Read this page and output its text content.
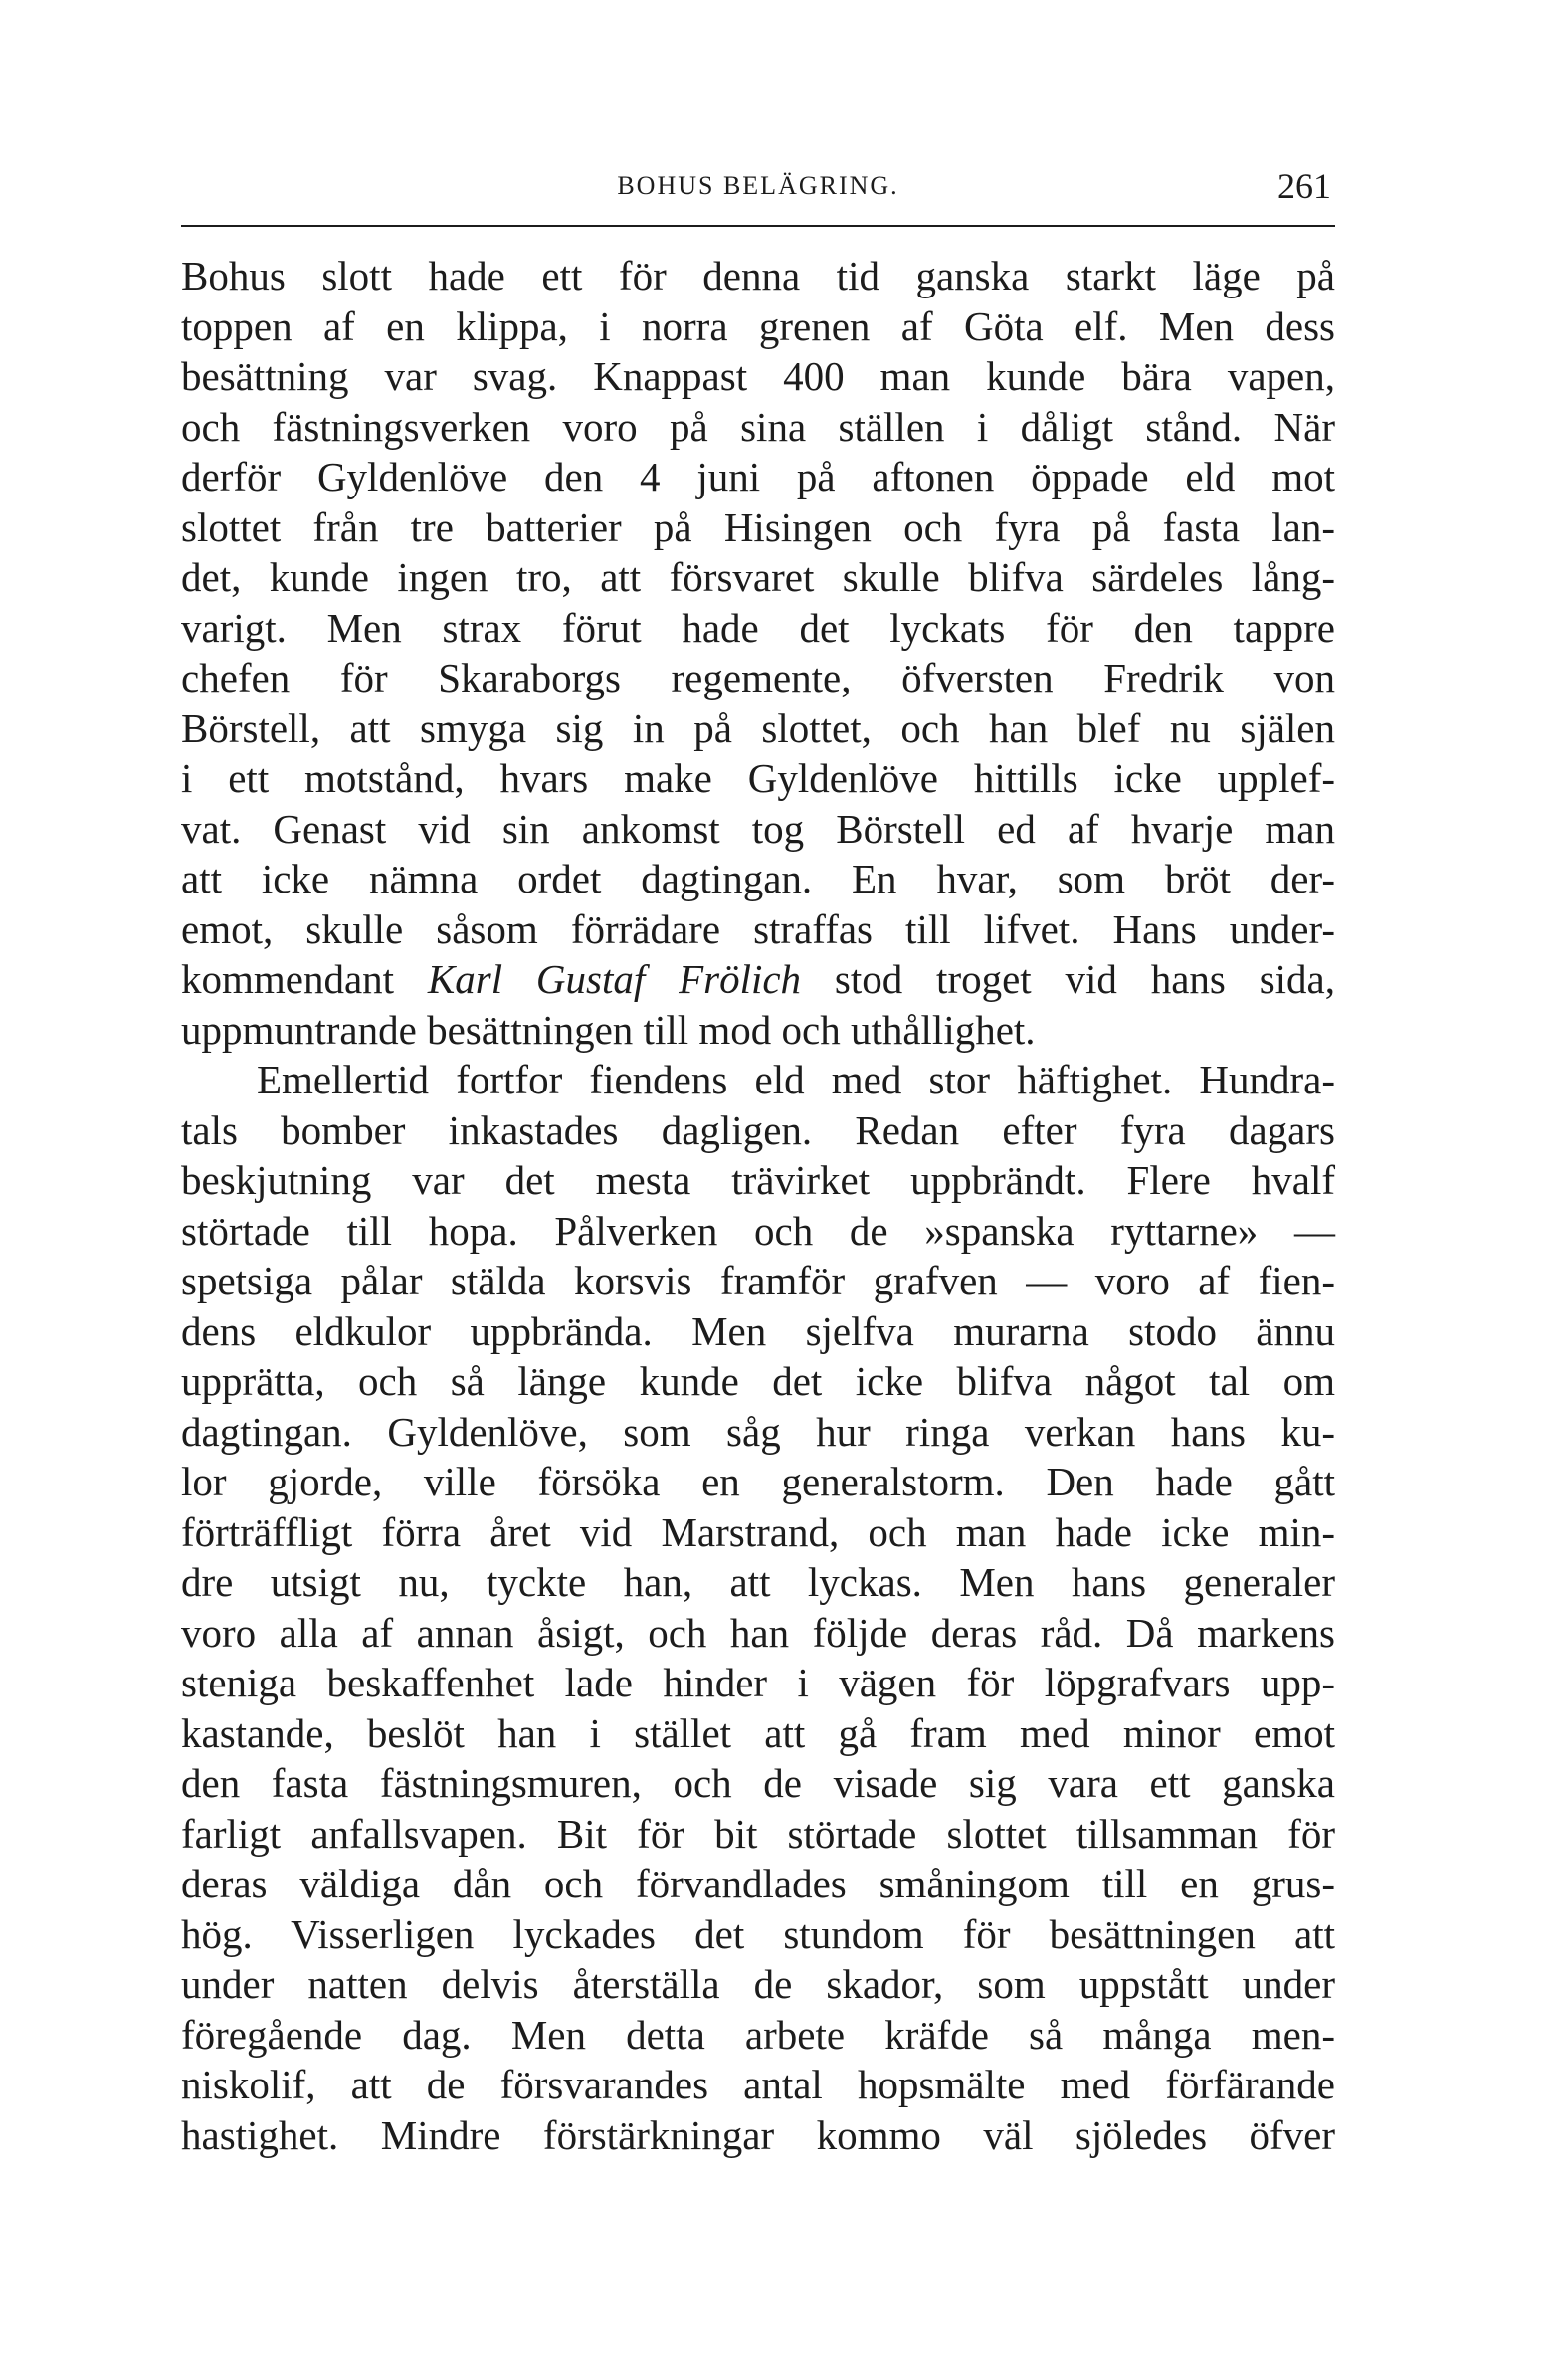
BOHUS BELÄGRING.	261
Bohus slott hade ett för denna tid ganska starkt läge på
toppen af en klippa, i norra grenen af Göta elf. Men dess
besättning var svag. Knappast 400 man kunde bära vapen,
och fästningsverken voro på sina ställen i dåligt stånd. När
derför Gyldenlöve den 4 juni på aftonen öppade eld mot
slottet från tre batterier på Hisingen och fyra på fasta lan-
det, kunde ingen tro, att försvaret skulle blifva särdeles lång-
varigt. Men strax förut hade det lyckats för den tappre
chefen för Skaraborgs regemente, öfversten Fredrik von
Börstell, att smyga sig in på slottet, och han blef nu själen
i ett motstånd, hvars make Gyldenlöve hittills icke upplef-
vat. Genast vid sin ankomst tog Börstell ed af hvarje man
att icke nämna ordet dagtingan. En hvar, som bröt der-
emot, skulle såsom förrädare straffas till lifvet. Hans under-
kommendant Karl Gustaf Frölich stod troget vid hans sida,
uppmuntrande besättningen till mod och uthållighet.
Emellertid fortfor fiendens eld med stor häftighet. Hundra-
tals bomber inkastades dagligen. Redan efter fyra dagars
beskjutning var det mesta trävirket uppbrändt. Flere hvalf
störtade till hopa. Pålverken och de »spanska ryttarne» —
spetsiga pålar stälda korsvis framför grafven — voro af fien-
dens eldkulor uppbrända. Men sjelfva murarna stodo ännu
upprätta, och så länge kunde det icke blifva något tal om
dagtingan. Gyldenlöve, som såg hur ringa verkan hans ku-
lor gjorde, ville försöka en generalstorm. Den hade gått
förträffligt förra året vid Marstrand, och man hade icke min-
dre utsigt nu, tyckte han, att lyckas. Men hans generaler
voro alla af annan åsigt, och han följde deras råd. Då markens
steniga beskaffenhet lade hinder i vägen för löpgrafvars upp-
kastande, beslöt han i stället att gå fram med minor emot
den fasta fästningsmuren, och de visade sig vara ett ganska
farligt anfallsvapen. Bit för bit störtade slottet tillsamman för
deras väldiga dån och förvandlades småningom till en grus-
hög. Visserligen lyckades det stundom för besättningen att
under natten delvis återställa de skador, som uppstått under
föregående dag. Men detta arbete kräfde så många men-
niskolif, att de försvarandes antal hopsmälte med förfärande
hastighet. Mindre förstärkningar kommo väl sjöledes öfver
